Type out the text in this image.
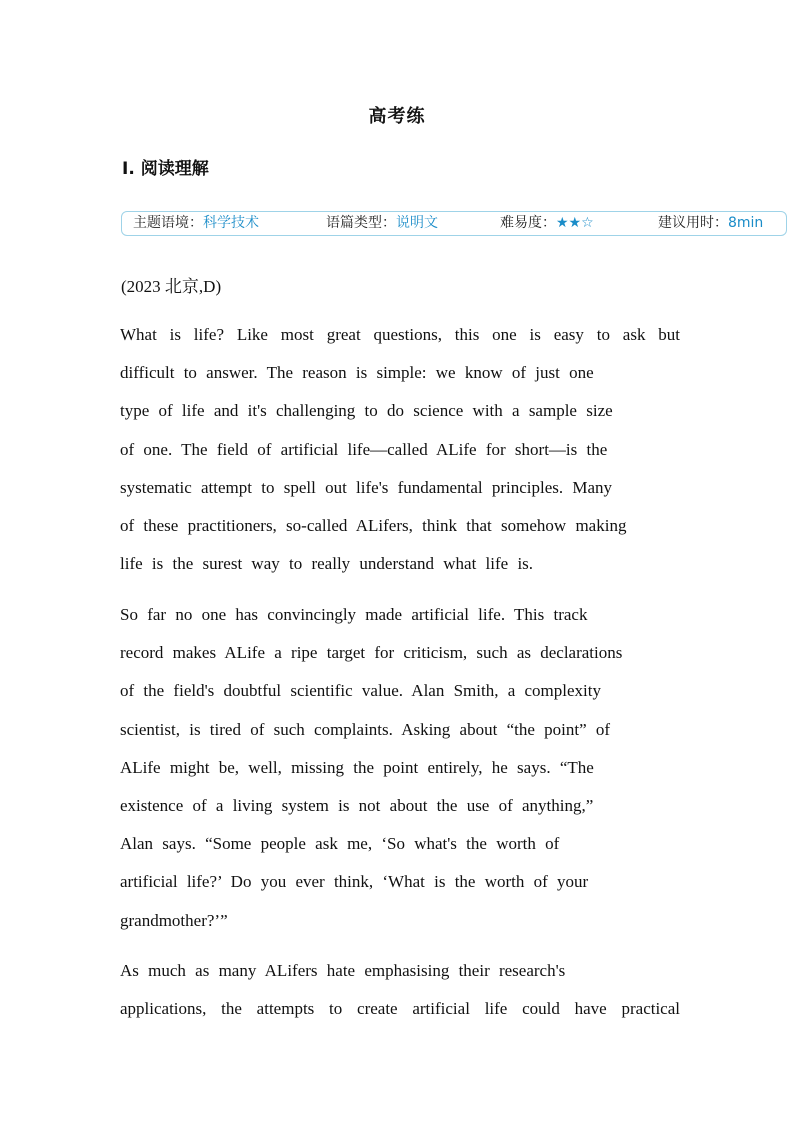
高考练
Ⅰ. 阅读理解
主题语境：科学技术	语篇类型：说明文	难易度：★★☆	建议用时：8min
(2023 北京,D)
What is life? Like most great questions, this one is easy to ask but
difficult to answer. The reason is simple: we know of just one
type of life and it's challenging to do science with a sample size
of one. The field of artificial life—called ALife for short—is the
systematic attempt to spell out life's fundamental principles. Many
of these practitioners, so-called ALifers, think that somehow making
life is the surest way to really understand what life is.
So far no one has convincingly made artificial life. This track
record makes ALife a ripe target for criticism, such as declarations
of the field's doubtful scientific value. Alan Smith, a complexity
scientist, is tired of such complaints. Asking about “the point” of
ALife might be, well, missing the point entirely, he says. “The
existence of a living system is not about the use of anything,”
Alan says. “Some people ask me, ‘So what's the worth of
artificial life?’ Do you ever think, ‘What is the worth of your
grandmother?’”
As much as many ALifers hate emphasising their research's
applications, the attempts to create artificial life could have practical
